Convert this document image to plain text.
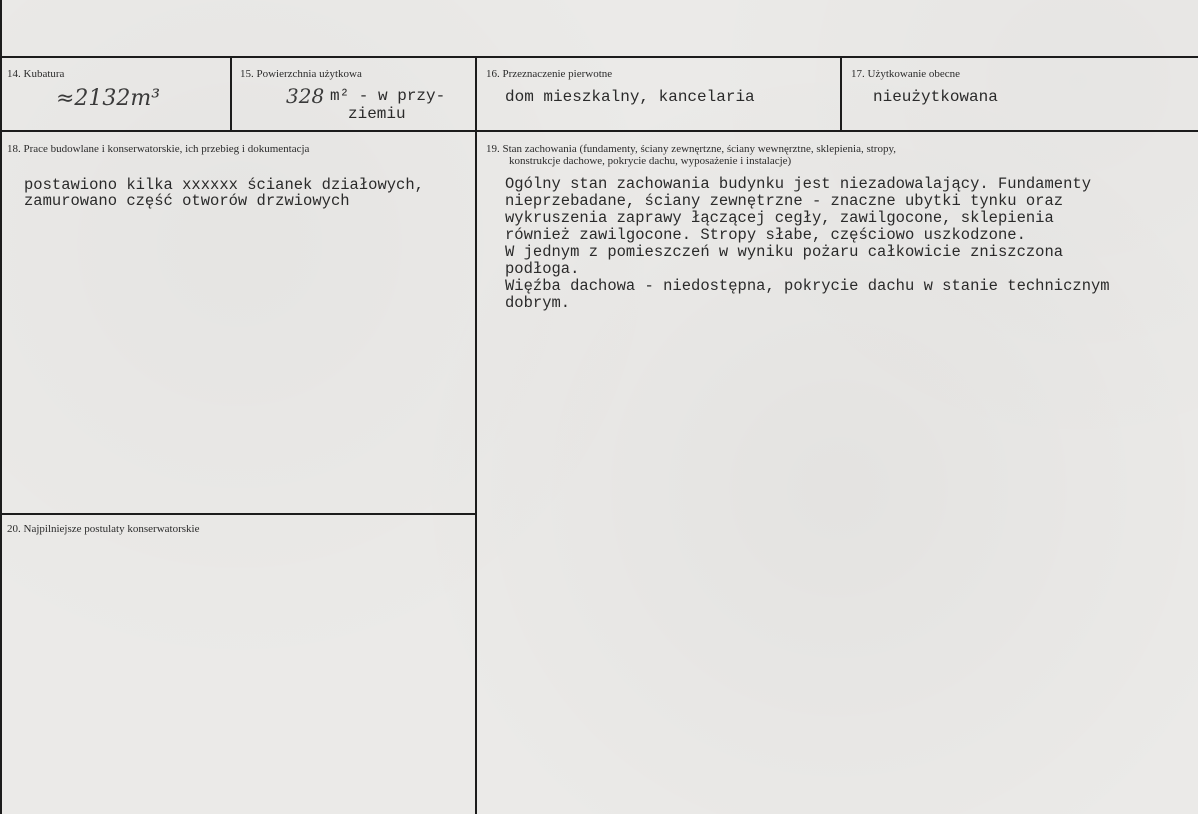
14. Kubatura
≈2132m³
15. Powierzchnia użytkowa
328 m² - w przy-
ziemiu
16. Przeznaczenie pierwotne
dom mieszkalny, kancelaria
17. Użytkowanie obecne
nieużytkowana
18. Prace budowlane i konserwatorskie, ich przebieg i dokumentacja
postawiono kilka xxxxxx ścianek działowych,
zamurowano część otworów drzwiowych
19. Stan zachowania (fundamenty, ściany zewnęrtzne, ściany wewnęrztne, sklepienia, stropy,
konstrukcje dachowe, pokrycie dachu, wyposażenie i instalacje)
Ogólny stan zachowania budynku jest niezadowalający. Fundamenty
nieprzebadane, ściany zewnętrzne - znaczne ubytki tynku oraz
wykruszenia zaprawy łączącej cegły, zawilgocone, sklepienia
również zawilgocone. Stropy słabe, częściowo uszkodzone.
W jednym z pomieszczeń w wyniku pożaru całkowicie zniszczona
podłoga.
Więźba dachowa - niedostępna, pokrycie dachu w stanie technicznym
dobrym.
20. Najpilniejsze postulaty konserwatorskie
